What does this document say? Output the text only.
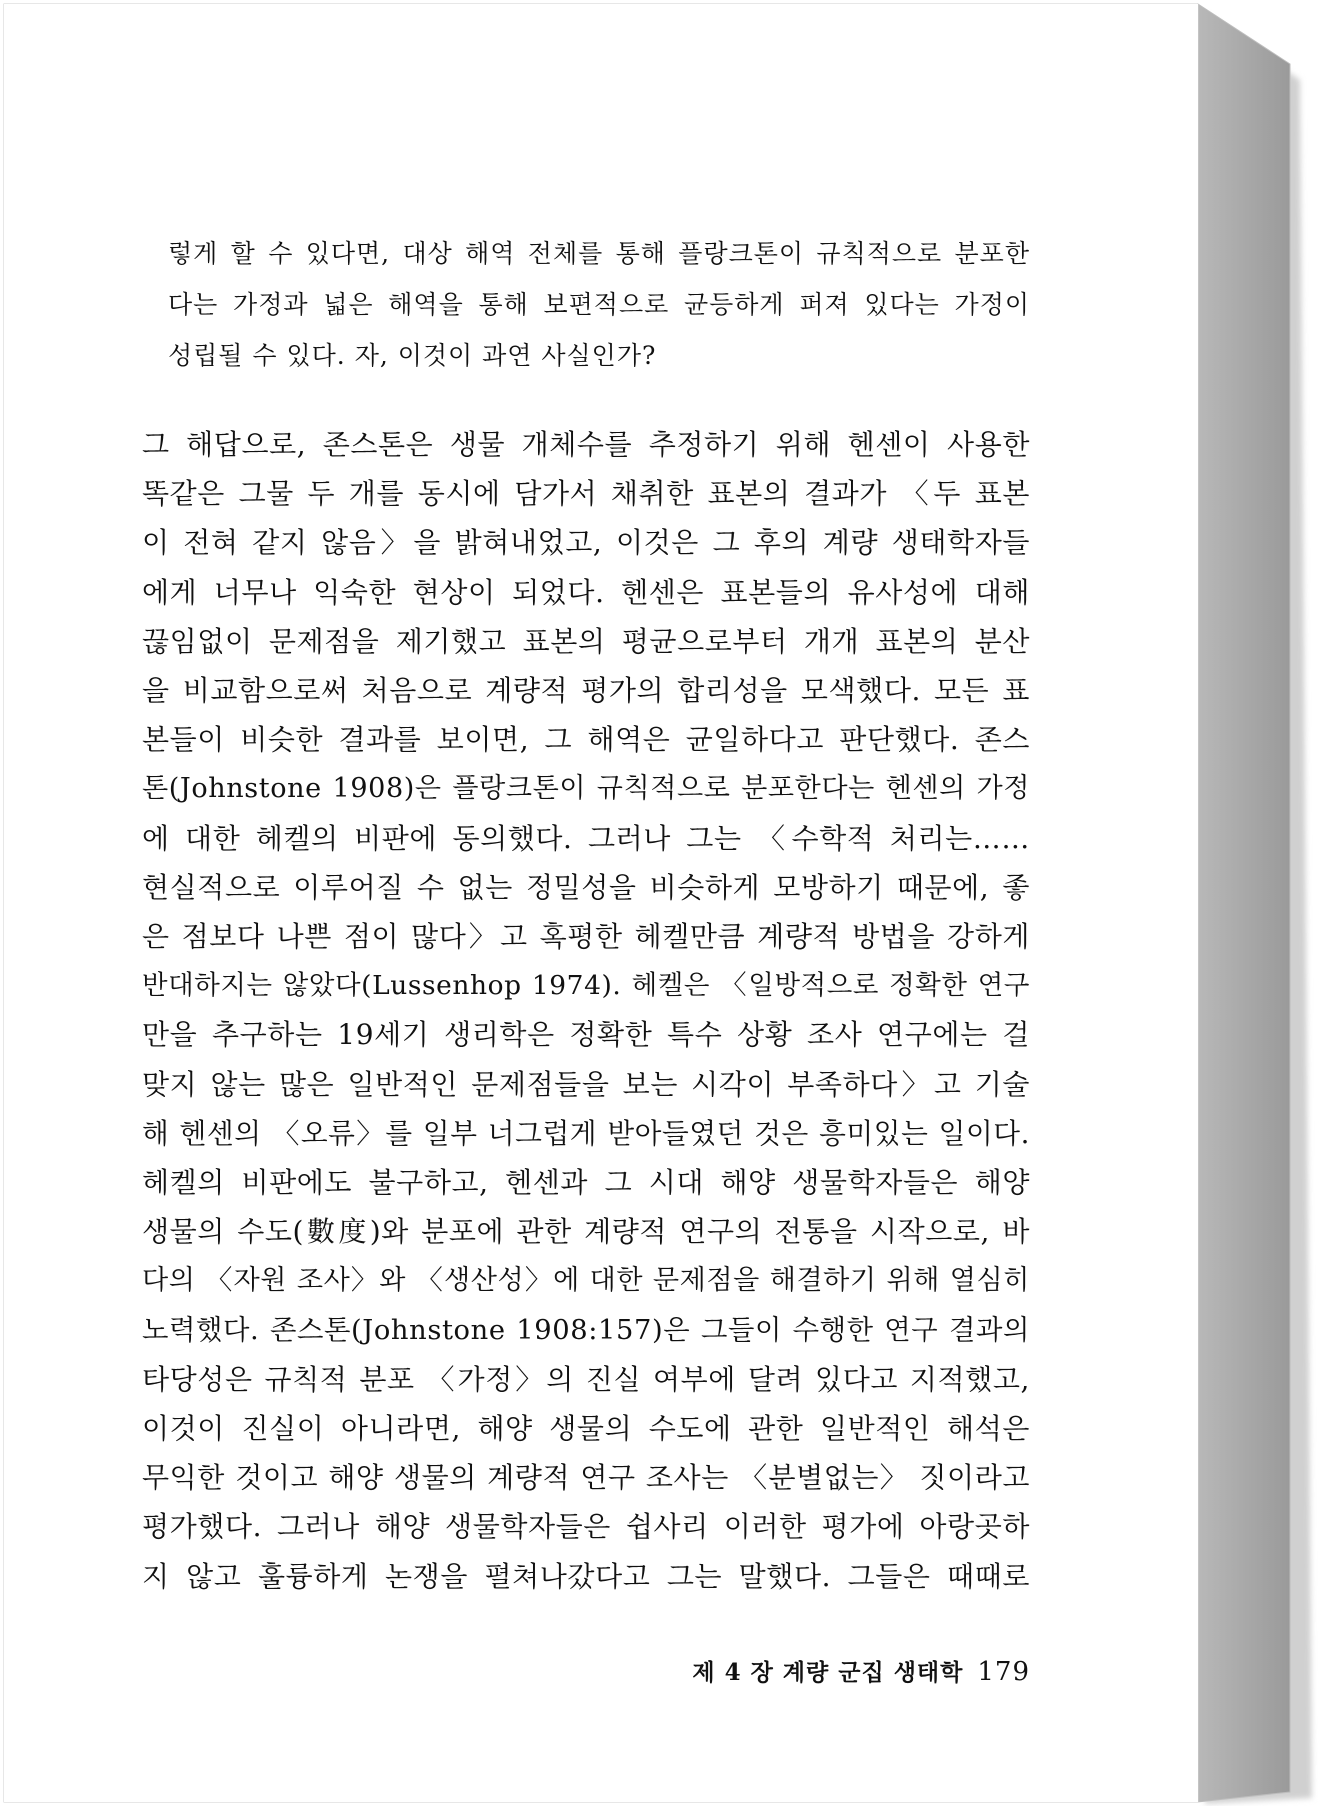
렇게 할 수 있다면, 대상 해역 전체를 통해 플랑크톤이 규칙적으로 분포한
다는 가정과 넓은 해역을 통해 보편적으로 균등하게 퍼져 있다는 가정이
성립될 수 있다. 자, 이것이 과연 사실인가?
그 해답으로, 존스톤은 생물 개체수를 추정하기 위해 헨센이 사용한
똑같은 그물 두 개를 동시에 담가서 채취한 표본의 결과가 〈두 표본
이 전혀 같지 않음〉을 밝혀내었고, 이것은 그 후의 계량 생태학자들
에게 너무나 익숙한 현상이 되었다. 헨센은 표본들의 유사성에 대해
끊임없이 문제점을 제기했고 표본의 평균으로부터 개개 표본의 분산
을 비교함으로써 처음으로 계량적 평가의 합리성을 모색했다. 모든 표
본들이 비슷한 결과를 보이면, 그 해역은 균일하다고 판단했다. 존스
톤(Johnstone 1908)은 플랑크톤이 규칙적으로 분포한다는 헨센의 가정
에 대한 헤켈의 비판에 동의했다. 그러나 그는 〈수학적 처리는……
현실적으로 이루어질 수 없는 정밀성을 비슷하게 모방하기 때문에, 좋
은 점보다 나쁜 점이 많다〉고 혹평한 헤켈만큼 계량적 방법을 강하게
반대하지는 않았다(Lussenhop 1974). 헤켈은 〈일방적으로 정확한 연구
만을 추구하는 19세기 생리학은 정확한 특수 상황 조사 연구에는 걸
맞지 않는 많은 일반적인 문제점들을 보는 시각이 부족하다〉고 기술
해 헨센의 〈오류〉를 일부 너그럽게 받아들였던 것은 흥미있는 일이다.
헤켈의 비판에도 불구하고, 헨센과 그 시대 해양 생물학자들은 해양
생물의 수도(數度)와 분포에 관한 계량적 연구의 전통을 시작으로, 바
다의 〈자원 조사〉와 〈생산성〉에 대한 문제점을 해결하기 위해 열심히
노력했다. 존스톤(Johnstone 1908:157)은 그들이 수행한 연구 결과의
타당성은 규칙적 분포 〈가정〉의 진실 여부에 달려 있다고 지적했고,
이것이 진실이 아니라면, 해양 생물의 수도에 관한 일반적인 해석은
무익한 것이고 해양 생물의 계량적 연구 조사는 〈분별없는〉 짓이라고
평가했다. 그러나 해양 생물학자들은 쉽사리 이러한 평가에 아랑곳하
지 않고 훌륭하게 논쟁을 펼쳐나갔다고 그는 말했다. 그들은 때때로
제 4 장 계량 군집 생태학 179
